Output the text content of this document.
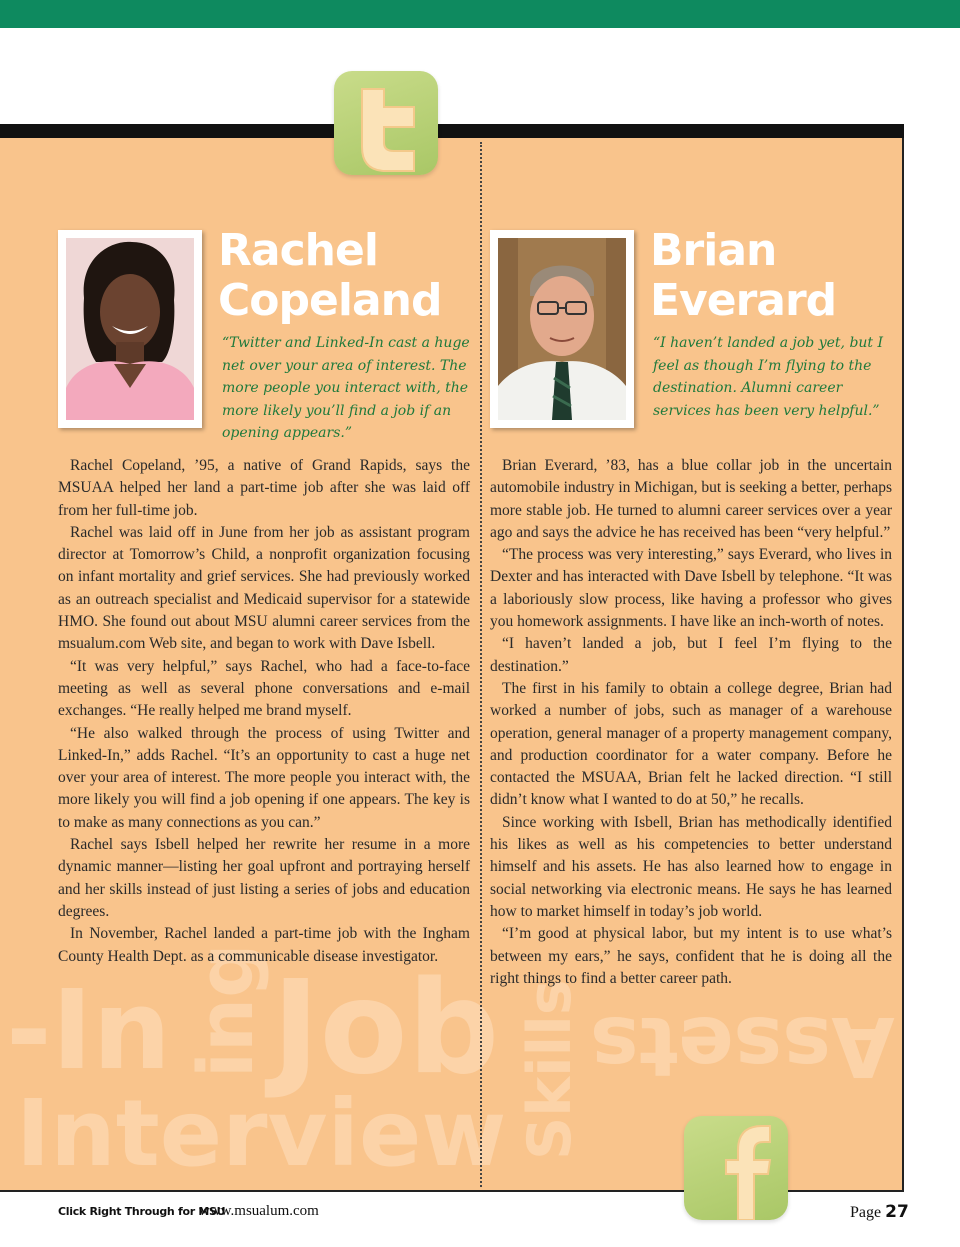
-In Job
Interview
ing	Skills Assets
Rachel
Copeland
“Twitter and Linked-In cast a huge net over your area of interest. The more people you interact with, the more likely you’ll find a job if an opening appears.”

Rachel Copeland, ’95, a native of Grand Rapids, says the MSUAA helped her land a part-time job after she was laid off from her full-time job.

Rachel was laid off in June from her job as assistant program director at Tomorrow’s Child, a nonprofit organization focusing on infant mortality and grief services. She had previously worked as an outreach specialist and Medicaid supervisor for a statewide HMO. She found out about MSU alumni career services from the msualum.com Web site, and began to work with Dave Isbell.

“It was very helpful,” says Rachel, who had a face-to-face meeting as well as several phone conversations and e-mail exchanges. “He really helped me brand myself.

“He also walked through the process of using Twitter and Linked-In,” adds Rachel. “It’s an opportunity to cast a huge net over your area of interest. The more people you interact with, the more likely you will find a job opening if one appears. The key is to make as many connections as you can.”

Rachel says Isbell helped her rewrite her resume in a more dynamic manner—listing her goal upfront and portraying herself and her skills instead of just listing a series of jobs and education degrees.

In November, Rachel landed a part-time job with the Ingham County Health Dept. as a communicable disease investigator.

Brian
Everard
“I haven’t landed a job yet, but I feel as though I’m flying to the destination. Alumni career services has been very helpful.”

Brian Everard, ’83, has a blue collar job in the uncertain automobile industry in Michigan, but is seeking a better, perhaps more stable job. He turned to alumni career services over a year ago and says the advice he has received has been “very helpful.”

“The process was very interesting,” says Everard, who lives in Dexter and has interacted with Dave Isbell by telephone. “It was a laboriously slow process, like having a professor who gives you homework assignments. I have like an inch-worth of notes.

“I haven’t landed a job, but I feel I’m flying to the destination.”

The first in his family to obtain a college degree, Brian had worked a number of jobs, such as manager of a warehouse operation, general manager of a property management company, and production coordinator for a water company. Before he contacted the MSUAA, Brian felt he lacked direction. “I still didn’t know what I wanted to do at 50,” he recalls.

Since working with Isbell, Brian has methodically identified his likes as well as his competencies to better understand himself and his assets. He has also learned how to engage in social networking via electronic means. He says he has learned how to market himself in today’s job world.

“I’m good at physical labor, but my intent is to use what’s between my ears,” he says, confident that he is doing all the right things to find a better career path.

Click Right Through for MSU
www.msualum.com	Page 27
